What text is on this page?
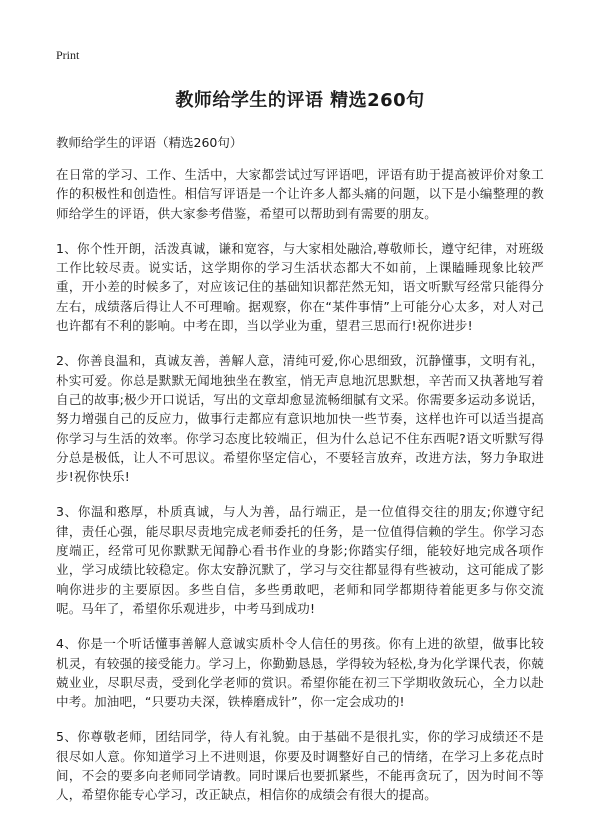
Print
教师给学生的评语 精选260句

教师给学生的评语（精选260句）

在日常的学习、工作、生活中，大家都尝试过写评语吧，评语有助于提高被评价对象工作的积极性和创造性。相信写评语是一个让许多人都头痛的问题，以下是小编整理的教师给学生的评语，供大家参考借鉴，希望可以帮助到有需要的朋友。

1、你个性开朗，活泼真诚，谦和宽容，与大家相处融洽,尊敬师长，遵守纪律，对班级工作比较尽责。说实话，这学期你的学习生活状态都大不如前，上课瞌睡现象比较严重，开小差的时候多了，对应该记住的基础知识都茫然无知，语文听默写经常只能得分左右，成绩落后得让人不可理喻。据观察，你在“某件事情”上可能分心太多，对人对己也许都有不利的影响。中考在即，当以学业为重，望君三思而行!祝你进步!

2、你善良温和，真诚友善，善解人意，清纯可爱,你心思细致，沉静懂事，文明有礼，朴实可爱。你总是默默无闻地独坐在教室，悄无声息地沉思默想，辛苦而又执著地写着自己的故事;极少开口说话，写出的文章却愈显流畅细腻有文采。你需要多运动多说话，努力增强自己的反应力，做事行走都应有意识地加快一些节奏，这样也许可以适当提高你学习与生活的效率。你学习态度比较端正，但为什么总记不住东西呢?语文听默写得分总是极低，让人不可思议。希望你坚定信心，不要轻言放弃，改进方法，努力争取进步!祝你快乐!

3、你温和憨厚，朴质真诚，与人为善，品行端正，是一位值得交往的朋友;你遵守纪律，责任心强，能尽职尽责地完成老师委托的任务，是一位值得信赖的学生。你学习态度端正，经常可见你默默无闻静心看书作业的身影;你踏实仔细，能较好地完成各项作业，学习成绩比较稳定。你太安静沉默了，学习与交往都显得有些被动，这可能成了影响你进步的主要原因。多些自信，多些勇敢吧，老师和同学都期待着能更多与你交流呢。马年了，希望你乐观进步，中考马到成功!

4、你是一个听话懂事善解人意诚实质朴令人信任的男孩。你有上进的欲望，做事比较机灵，有较强的接受能力。学习上，你勤勤恳恳，学得较为轻松,身为化学课代表，你兢兢业业，尽职尽责，受到化学老师的赏识。希望你能在初三下学期收敛玩心，全力以赴中考。加油吧，“只要功夫深，铁棒磨成针”，你一定会成功的!

5、你尊敬老师，团结同学，待人有礼貌。由于基础不是很扎实，你的学习成绩还不是很尽如人意。你知道学习上不进则退，你要及时调整好自己的情绪，在学习上多花点时间，不会的要多向老师同学请教。同时课后也要抓紧些，不能再贪玩了，因为时间不等人，希望你能专心学习，改正缺点，相信你的成绩会有很大的提高。
